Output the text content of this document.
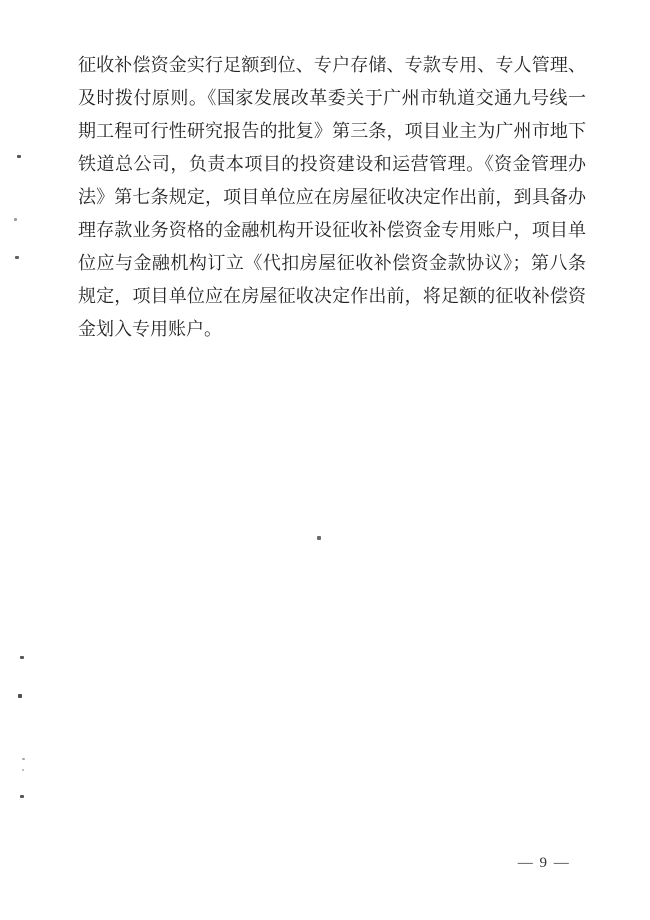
征收补偿资金实行足额到位、专户存储、专款专用、专人管理、
及时拨付原则。《国家发展改革委关于广州市轨道交通九号线一
期工程可行性研究报告的批复》第三条，项目业主为广州市地下
铁道总公司，负责本项目的投资建设和运营管理。《资金管理办
法》第七条规定，项目单位应在房屋征收决定作出前，到具备办
理存款业务资格的金融机构开设征收补偿资金专用账户，项目单
位应与金融机构订立《代扣房屋征收补偿资金款协议》；第八条
规定，项目单位应在房屋征收决定作出前，将足额的征收补偿资
金划入专用账户。
— 9 —
